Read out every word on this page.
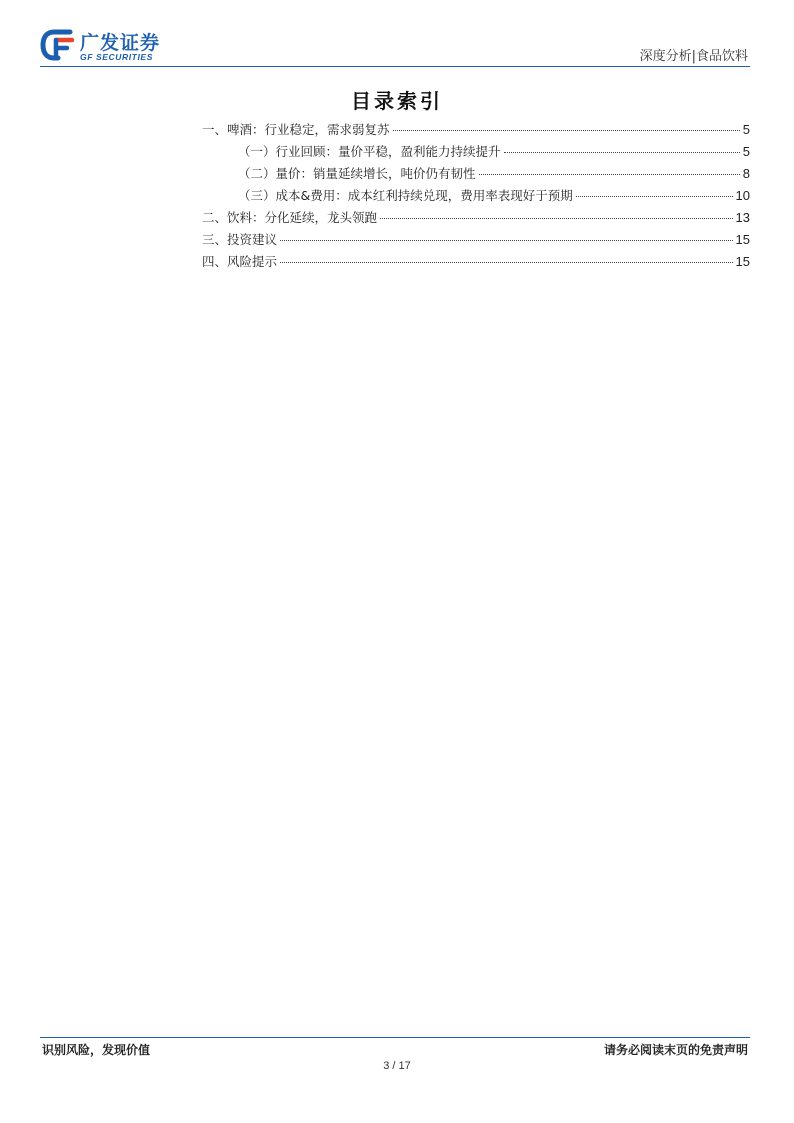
广发证券
GF SECURITIES	深度分析|食品饮料
目录索引
一、啤酒：行业稳定，需求弱复苏	5
（一）行业回顾：量价平稳，盈利能力持续提升	5
（二）量价：销量延续增长，吨价仍有韧性	8
（三）成本&费用：成本红利持续兑现，费用率表现好于预期	10
二、饮料：分化延续，龙头领跑	13
三、投资建议	15
四、风险提示	15
识别风险，发现价值	请务必阅读末页的免责声明
3 / 17
